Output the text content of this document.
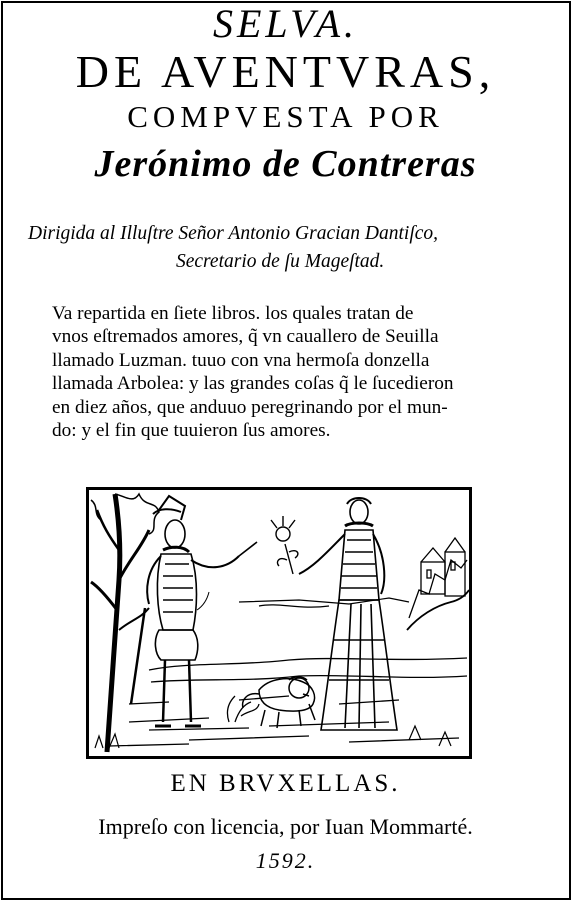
SELVA.
DE AVENTVRAS,
COMPVESTA POR
Jerónimo de Contreras
Dirigida al Illuſtre Señor Antonio Gracian Dantiſco,
Secretario de ſu Mageſtad.
Va repartida en ſiete libros. los quales tratan de
vnos eſtremados amores, q̃ vn cauallero de Seuilla
llamado Luzman. tuuo con vna hermoſa donzella
llamada Arbolea: y las grandes coſas q̃ le ſucedieron
en diez años, que anduuo peregrinando por el mun-
do: y el fin que tuuieron ſus amores.
EN BRVXELLAS.
Impreſo con licencia, por Iuan Mommarté.
1592.
